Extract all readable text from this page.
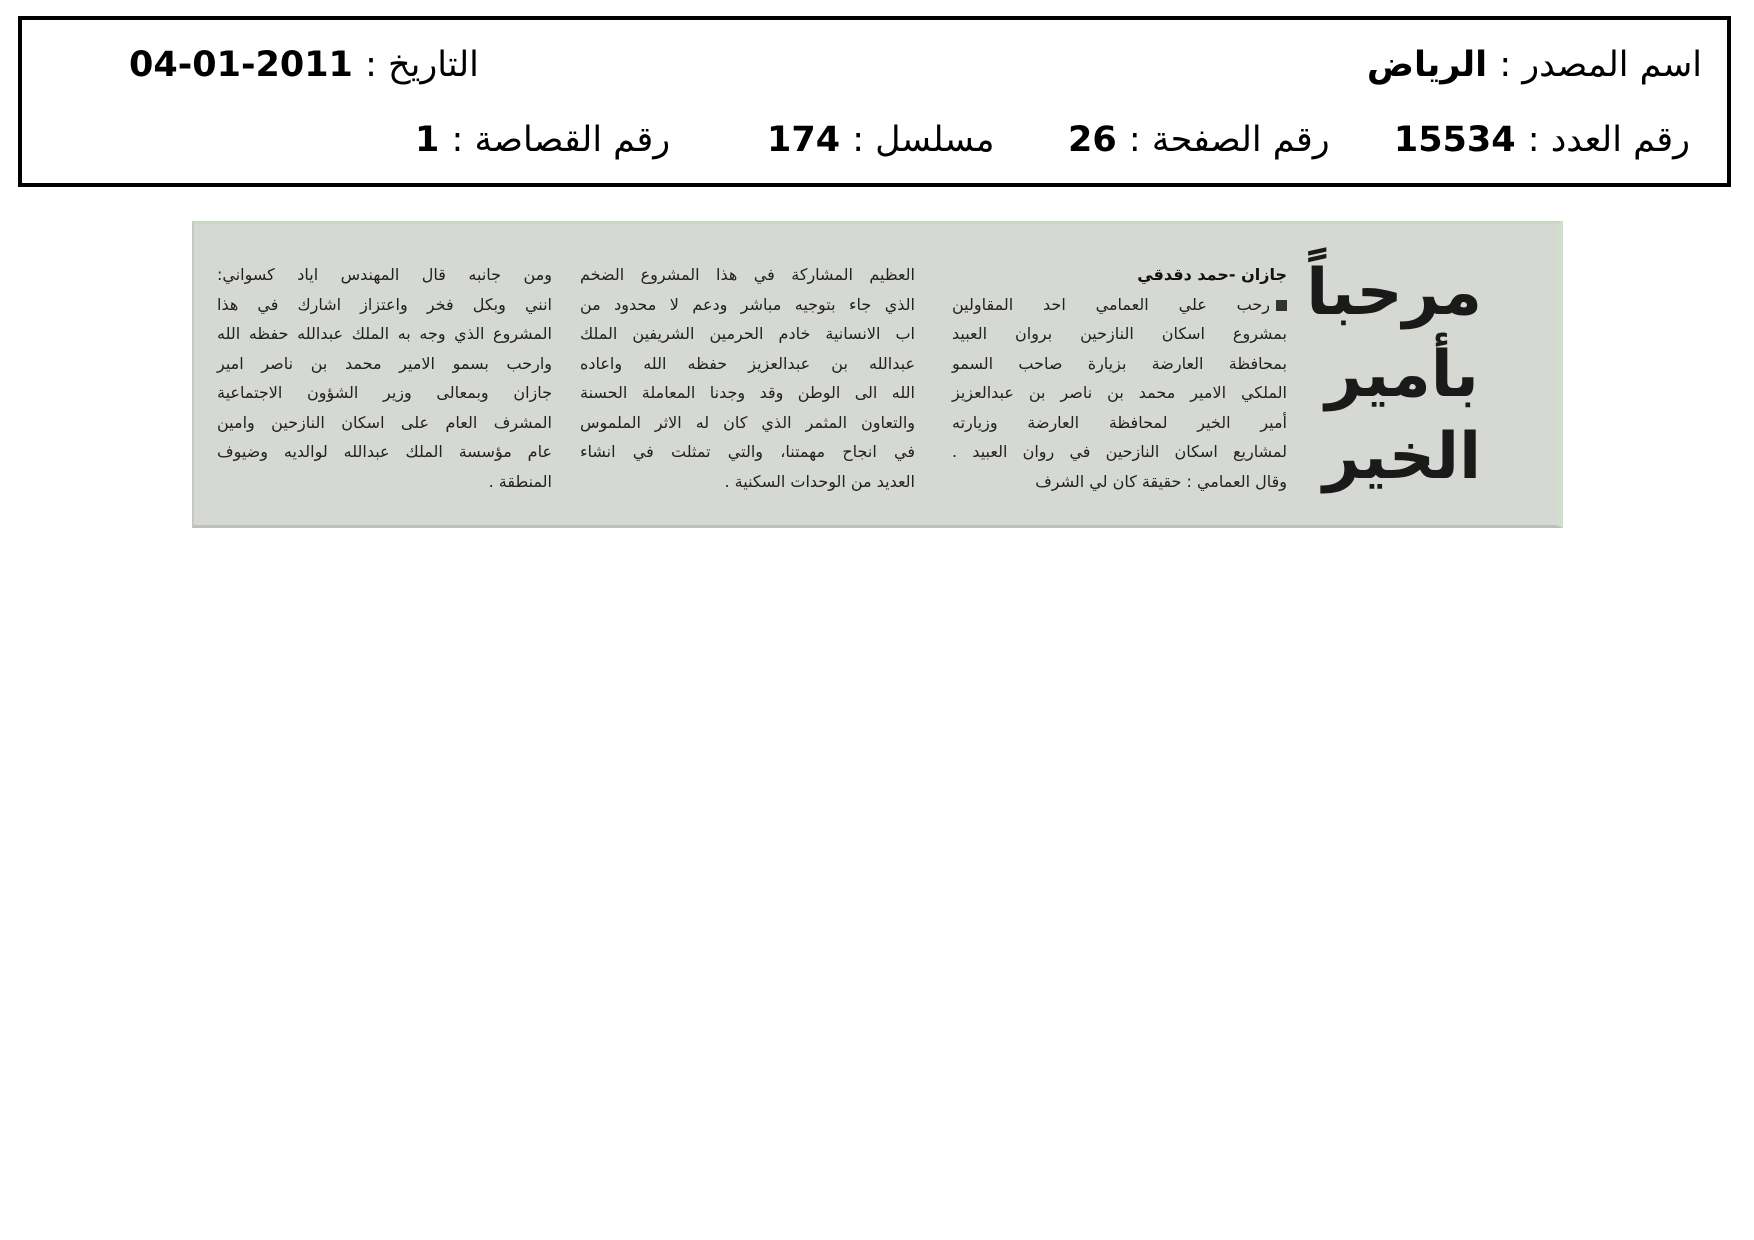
اسم المصدر : الرياض
التاريخ : 2011-01-04
رقم العدد : 15534
رقم الصفحة : 26
مسلسل : 174
رقم القصاصة : 1
مرحباً
بأمير
الخير
جازان -حمد دقدقي
رحب علي العمامي احد المقاولين
بمشروع اسكان النازحين بروان العبيد
بمحافظة العارضة بزيارة صاحب السمو
الملكي الامير محمد بن ناصر بن عبدالعزيز
أمير الخير لمحافظة العارضة وزيارته
لمشاريع اسكان النازحين في روان العبيد .
وقال العمامي : حقيقة كان لي الشرف
العظيم المشاركة في هذا المشروع الضخم
الذي جاء بتوجيه مباشر ودعم لا محدود من
اب الانسانية خادم الحرمين الشريفين الملك
عبدالله بن عبدالعزيز حفظه الله واعاده
الله الى الوطن وقد وجدنا المعاملة الحسنة
والتعاون المثمر الذي كان له الاثر الملموس
في انجاح مهمتنا، والتي تمثلت في انشاء
العديد من الوحدات السكنية .
ومن جانبه قال المهندس اياد كسواني:
انني وبكل فخر واعتزاز اشارك في هذا
المشروع الذي وجه به الملك عبدالله حفظه الله
وارحب بسمو الامير محمد بن ناصر امير
جازان وبمعالى وزير الشؤون الاجتماعية
المشرف العام على اسكان النازحين وامين
عام مؤسسة الملك عبدالله لوالديه وضيوف
المنطقة .
